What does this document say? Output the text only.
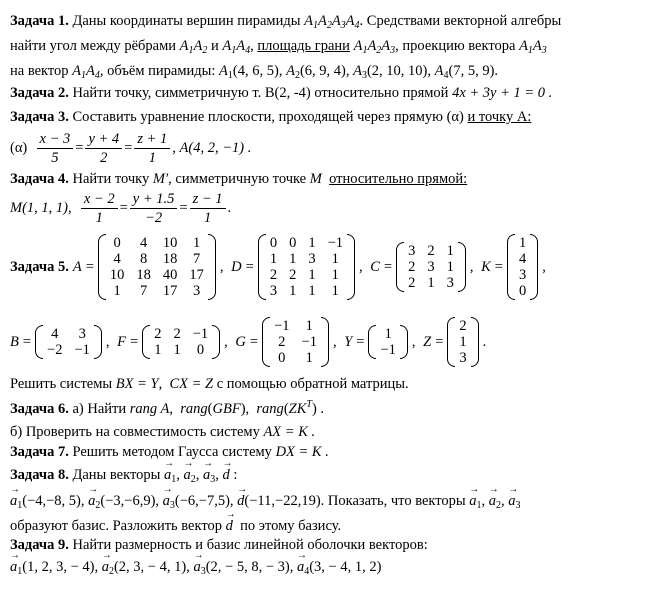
Задача 1. Даны координаты вершин пирамиды $A_1A_2A_3A_4$. Средствами векторной алгебры
найти угол между рёбрами $A_1A_2$ и $A_1A_4$, площадь грани $A_1A_2A_3$, проекцию вектора $A_1A_3$
на вектор $A_1A_4$, объём пирамиды: $A_1(4$, 6, 5), $A_2(6$, 9, 4), $A_3(2$, 10, 10), $A_4(7$, 5, 9).
Задача 2. Найти точку, симметричную т. B(2, -4) относительно прямой 4x + 3y + 1 = 0 .
Задача 3. Составить уравнение плоскости, проходящей через прямую (α) и точку А:
(α)

x − 3
5
=
y + 4
2
=
z + 1
1
, A(4, 2, −1) .
Задача 4. Найти точку M′, симметричную точке M относительно прямой:
M(1, 1, 1),

x − 2
1
=
y + 1.5
−2
=
z − 1
1
.
Задача 5. A =
0 4 10 1
4 8 18 7
10 18 40 17
1 7 17 3
, D =
0 0 1 −1
1 1 3 1
2 2 1 1
3 1 1 1
, C =
3 2 1
2 3 1
2 1 3
, K =
1
4
3
0
,
B = 4 3
−2 −1 , F = 2 2 −1
1 1 0 , G =
−1 1
2 −1
0 1
, Y = 1
−1 , Z =
2
1
3
.
Решить системы BX = Y,  CX = Z с помощью обратной матрицы.
Задача 6. а) Найти rang A,  rang(GBF),  $rang(ZK^T)$ .
б) Проверить на совместимость систему AX = K .
Задача 7. Решить методом Гаусса систему DX = K .
Задача 8. Даны векторы → $a_1$, → $a_2$, → $a_3$, → d :
→ $a_1(-4,-8$, 5), → $a_2(-3,-6,9)$, → $a_3(-6,-7,5)$, → d(−11,−22,19). Показать, что векторы → $a_1$, → $a_2$, → $a_3$
образуют базис. Разложить вектор → d по этому базису.
Задача 9. Найти размерность и базис линейной оболочки векторов:
→ $a_1(1$, 2, 3, − 4), → $a_2(2$, 3, − 4, 1), → $a_3(2$, − 5, 8, − 3), → $a_4(3$, − 4, 1, 2)
